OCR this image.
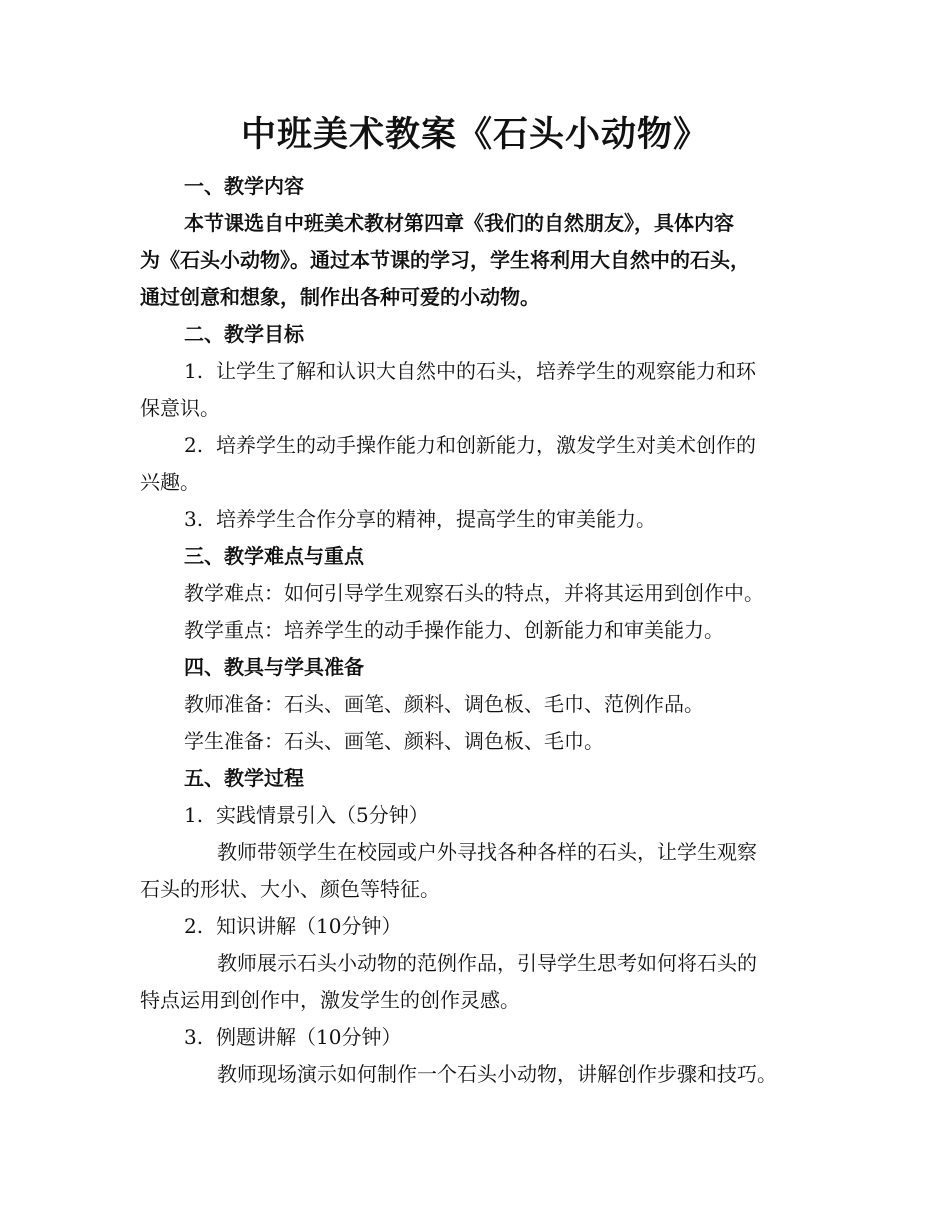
中班美术教案《石头小动物》
一、教学内容
本节课选自中班美术教材第四章《我们的自然朋友》，具体内容
为《石头小动物》。通过本节课的学习，学生将利用大自然中的石头，
通过创意和想象，制作出各种可爱的小动物。
二、教学目标
1. 让学生了解和认识大自然中的石头，培养学生的观察能力和环
保意识。
2. 培养学生的动手操作能力和创新能力，激发学生对美术创作的
兴趣。
3. 培养学生合作分享的精神，提高学生的审美能力。
三、教学难点与重点
教学难点：如何引导学生观察石头的特点，并将其运用到创作中。
教学重点：培养学生的动手操作能力、创新能力和审美能力。
四、教具与学具准备
教师准备：石头、画笔、颜料、调色板、毛巾、范例作品。
学生准备：石头、画笔、颜料、调色板、毛巾。
五、教学过程
1. 实践情景引入（5分钟）
教师带领学生在校园或户外寻找各种各样的石头，让学生观察
石头的形状、大小、颜色等特征。
2. 知识讲解（10分钟）
教师展示石头小动物的范例作品，引导学生思考如何将石头的
特点运用到创作中，激发学生的创作灵感。
3. 例题讲解（10分钟）
教师现场演示如何制作一个石头小动物，讲解创作步骤和技巧。
